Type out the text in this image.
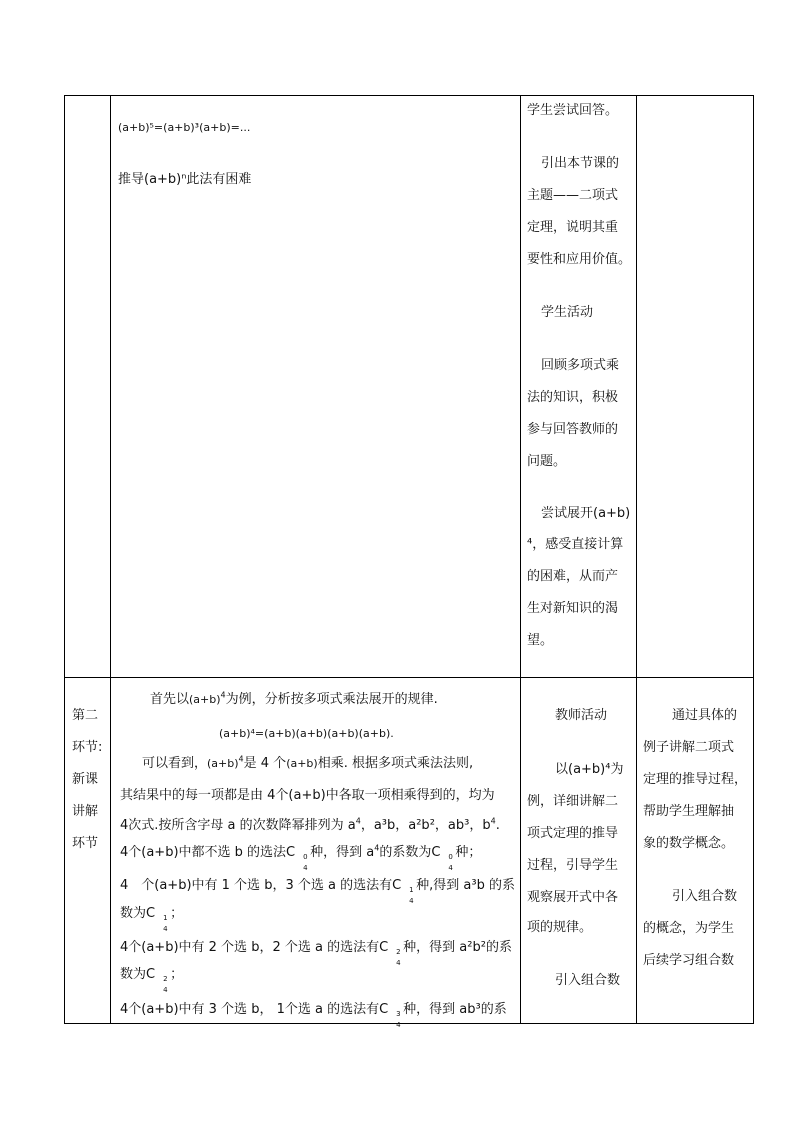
(a+b)⁵=(a+b)³(a+b)=...
推导(a+b)ⁿ此法有困难
学生尝试回答。
引出本节课的
主题——二项式
定理，说明其重
要性和应用价值。
学生活动
回顾多项式乘
法的知识，积极
参与回答教师的
问题。
尝试展开(a+b)
⁴，感受直接计算
的困难，从而产
生对新知识的渴
望。
第二
环节:
新课
讲解
环节
首先以$(a+b)^4$为例，分析按多项式乘法展开的规律.
(a+b)⁴=(a+b)(a+b)(a+b)(a+b).
可以看到，$(a+b)^4$是 4 个(a+b)相乘. 根据多项式乘法法则,
其结果中的每一项都是由 4个(a+b)中各取一项相乘得到的，均为
4次式.按所含字母 a 的次数降幂排列为 $a^4$，a³b，a²b²，ab³，$b^4$.
4个(a+b)中都不选 b 的选法C 0
4
种，得到 $a^4$的系数为C 0
4
种；
4　个(a+b)中有 1 个选 b，3 个选 a 的选法有C 1
4
种,得到 a³b 的系
数为C 1
4
；
4个(a+b)中有 2 个选 b，2 个选 a 的选法有C 2
4
种，得到 a²b²的系
数为C 2
4
；
4个(a+b)中有 3 个选 b， 1个选 a 的选法有C 3
4
种，得到 ab³的系
教师活动
以(a+b)⁴为
例，详细讲解二
项式定理的推导
过程，引导学生
观察展开式中各
项的规律。
引入组合数
通过具体的
例子讲解二项式
定理的推导过程，
帮助学生理解抽
象的数学概念。
引入组合数
的概念，为学生
后续学习组合数
